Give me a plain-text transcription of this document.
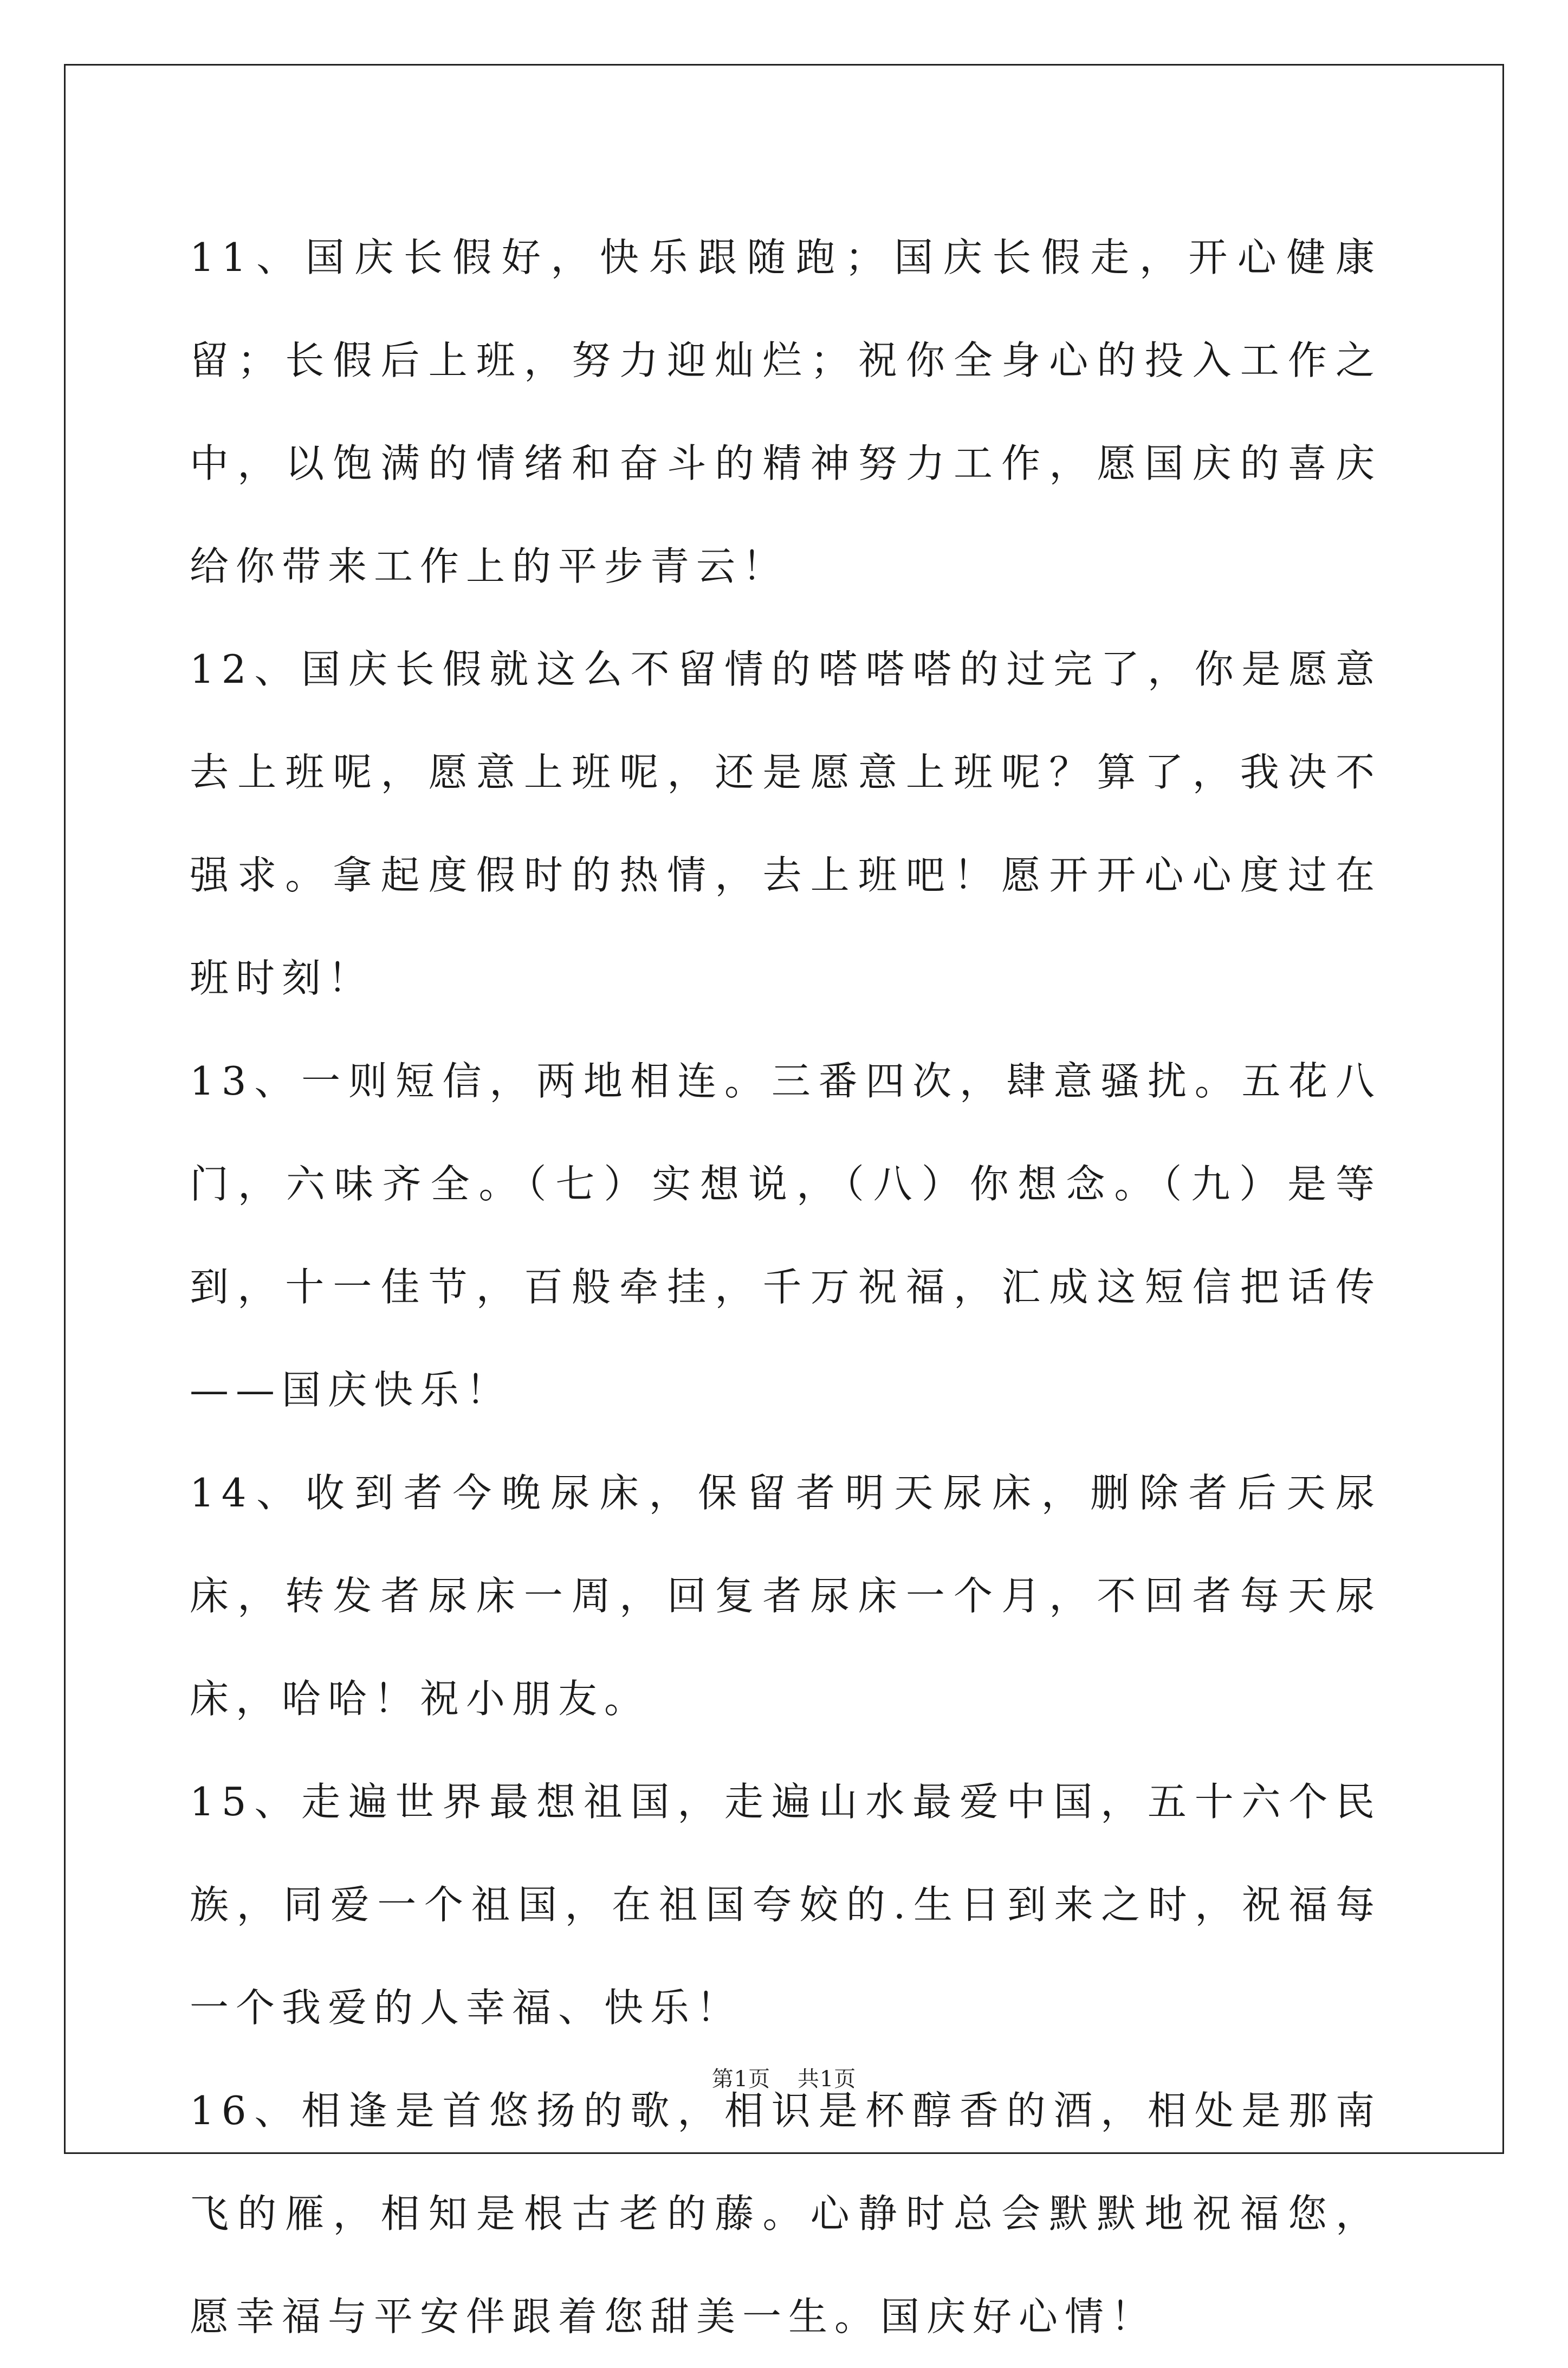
11、国庆长假好，快乐跟随跑；国庆长假走，开心健康留；长假后上班，努力迎灿烂；祝你全身心的投入工作之中，以饱满的情绪和奋斗的精神努力工作，愿国庆的喜庆给你带来工作上的平步青云！

12、国庆长假就这么不留情的嗒嗒嗒的过完了，你是愿意去上班呢，愿意上班呢，还是愿意上班呢？算了，我决不强求。拿起度假时的热情，去上班吧！愿开开心心度过在班时刻！

13、一则短信，两地相连。三番四次，肆意骚扰。五花八门，六味齐全。（七）实想说，（八）你想念。（九）是等到，十一佳节，百般牵挂，千万祝福，汇成这短信把话传——国庆快乐！

14、收到者今晚尿床，保留者明天尿床，删除者后天尿床，转发者尿床一周，回复者尿床一个月，不回者每天尿床，哈哈！祝小朋友。

15、走遍世界最想祖国，走遍山水最爱中国，五十六个民族，同爱一个祖国，在祖国夸姣的.生日到来之时，祝福每一个我爱的人幸福、快乐！

16、相逢是首悠扬的歌，相识是杯醇香的酒，相处是那南飞的雁，相知是根古老的藤。心静时总会默默地祝福您，愿幸福与平安伴跟着您甜美一生。国庆好心情！

第1页 共1页
